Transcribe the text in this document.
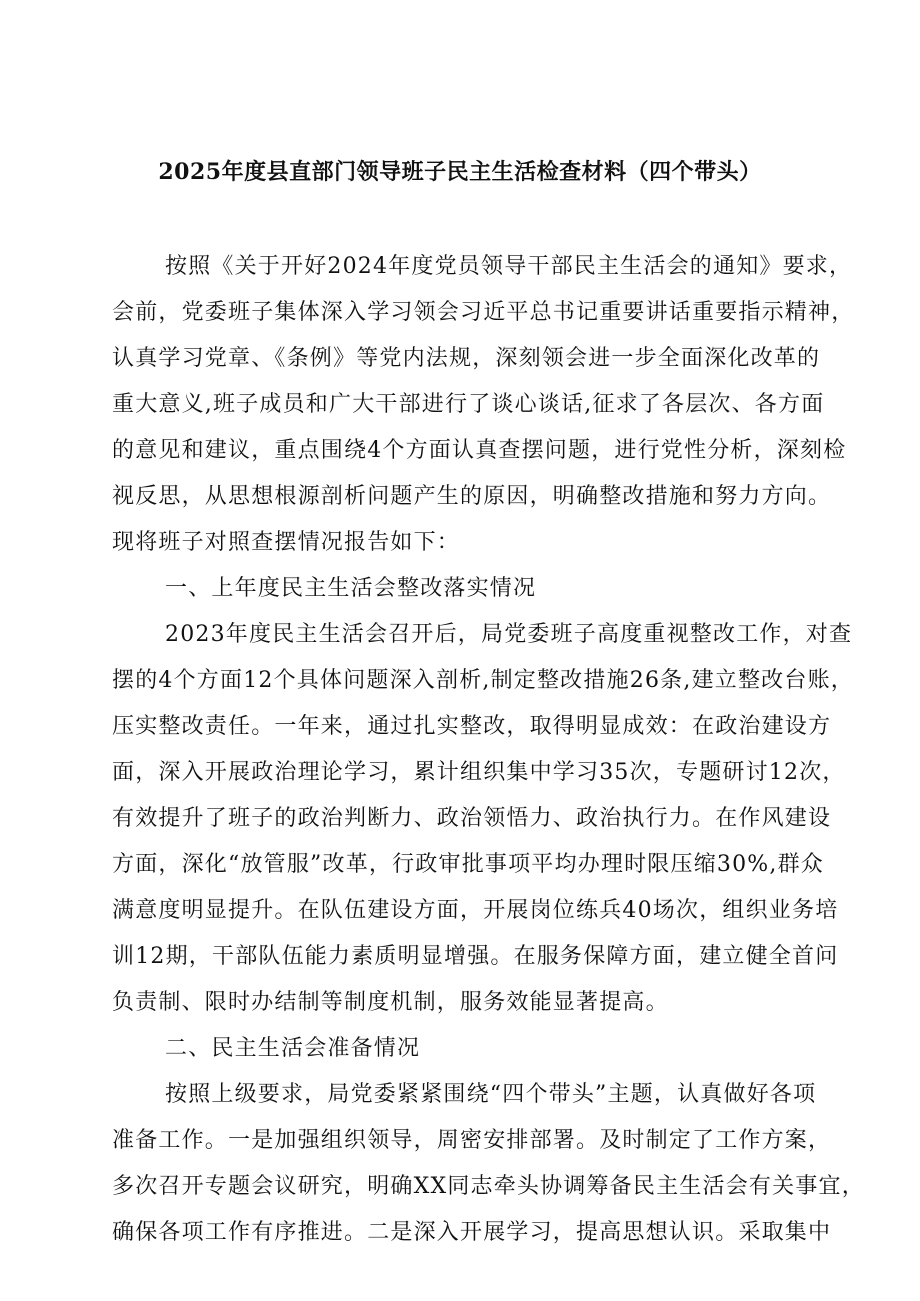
2025年度县直部门领导班子民主生活检查材料（四个带头）
按照《关于开好2024年度党员领导干部民主生活会的通知》要求，
会前，党委班子集体深入学习领会习近平总书记重要讲话重要指示精神，
认真学习党章、《条例》等党内法规，深刻领会进一步全面深化改革的
重大意义,班子成员和广大干部进行了谈心谈话,征求了各层次、各方面
的意见和建议，重点围绕4个方面认真查摆问题，进行党性分析，深刻检
视反思，从思想根源剖析问题产生的原因，明确整改措施和努力方向。
现将班子对照查摆情况报告如下：
一、上年度民主生活会整改落实情况
2023年度民主生活会召开后，局党委班子高度重视整改工作，对查
摆的4个方面12个具体问题深入剖析,制定整改措施26条,建立整改台账，
压实整改责任。一年来，通过扎实整改，取得明显成效：在政治建设方
面，深入开展政治理论学习，累计组织集中学习35次，专题研讨12次，
有效提升了班子的政治判断力、政治领悟力、政治执行力。在作风建设
方面，深化“放管服”改革，行政审批事项平均办理时限压缩30%,群众
满意度明显提升。在队伍建设方面，开展岗位练兵40场次，组织业务培
训12期，干部队伍能力素质明显增强。在服务保障方面，建立健全首问
负责制、限时办结制等制度机制，服务效能显著提高。
二、民主生活会准备情况
按照上级要求，局党委紧紧围绕“四个带头”主题，认真做好各项
准备工作。一是加强组织领导，周密安排部署。及时制定了工作方案，
多次召开专题会议研究，明确XX同志牵头协调筹备民主生活会有关事宜，
确保各项工作有序推进。二是深入开展学习，提高思想认识。采取集中
